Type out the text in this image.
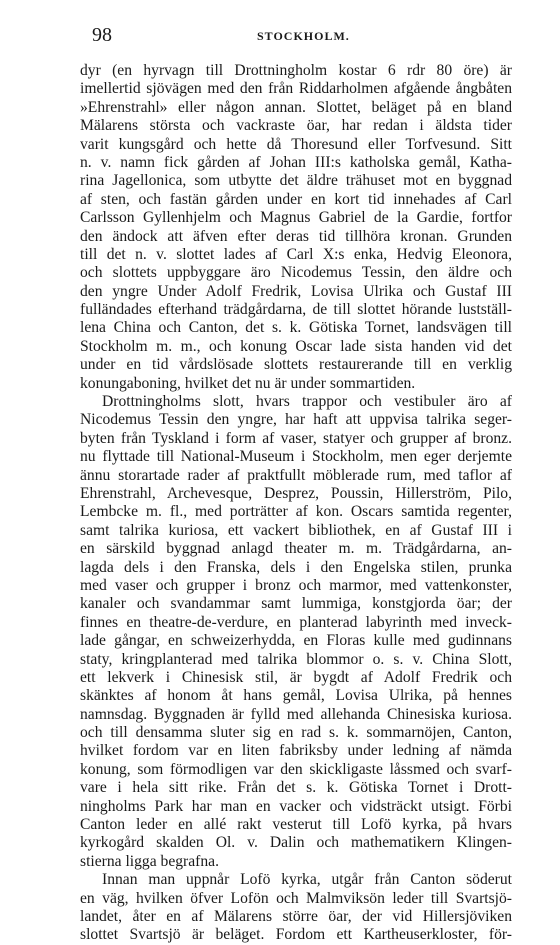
98	STOCKHOLM.
dyr (en hyrvagn till Drottningholm kostar 6 rdr 80 öre) är
imellertid sjövägen med den från Riddarholmen afgående ångbåten
»Ehrenstrahl» eller någon annan. Slottet, beläget på en bland
Mälarens största och vackraste öar, har redan i äldsta tider
varit kungsgård och hette då Thoresund eller Torfvesund. Sitt
n. v. namn fick gården af Johan III:s katholska gemål, Katha-
rina Jagellonica, som utbytte det äldre trähuset mot en byggnad
af sten, och fastän gården under en kort tid innehades af Carl
Carlsson Gyllenhjelm och Magnus Gabriel de la Gardie, fortfor
den ändock att äfven efter deras tid tillhöra kronan. Grunden
till det n. v. slottet lades af Carl X:s enka, Hedvig Eleonora,
och slottets uppbyggare äro Nicodemus Tessin, den äldre och
den yngre Under Adolf Fredrik, Lovisa Ulrika och Gustaf III
fulländades efterhand trädgårdarna, de till slottet hörande lustställ-
lena China och Canton, det s. k. Götiska Tornet, landsvägen till
Stockholm m. m., och konung Oscar lade sista handen vid det
under en tid vårdslösade slottets restaurerande till en verklig
konungaboning, hvilket det nu är under sommartiden.
Drottningholms slott, hvars trappor och vestibuler äro af
Nicodemus Tessin den yngre, har haft att uppvisa talrika seger-
byten från Tyskland i form af vaser, statyer och grupper af bronz.
nu flyttade till National-Museum i Stockholm, men eger derjemte
ännu storartade rader af praktfullt möblerade rum, med taflor af
Ehrenstrahl, Archevesque, Desprez, Poussin, Hillerström, Pilo,
Lembcke m. fl., med porträtter af kon. Oscars samtida regenter,
samt talrika kuriosa, ett vackert bibliothek, en af Gustaf III i
en särskild byggnad anlagd theater m. m. Trädgårdarna, an-
lagda dels i den Franska, dels i den Engelska stilen, prunka
med vaser och grupper i bronz och marmor, med vattenkonster,
kanaler och svandammar samt lummiga, konstgjorda öar; der
finnes en theatre-de-verdure, en planterad labyrinth med inveck-
lade gångar, en schweizerhydda, en Floras kulle med gudinnans
staty, kringplanterad med talrika blommor o. s. v. China Slott,
ett lekverk i Chinesisk stil, är bygdt af Adolf Fredrik och
skänktes af honom åt hans gemål, Lovisa Ulrika, på hennes
namnsdag. Byggnaden är fylld med allehanda Chinesiska kuriosa.
och till densamma sluter sig en rad s. k. sommarnöjen, Canton,
hvilket fordom var en liten fabriksby under ledning af nämda
konung, som förmodligen var den skickligaste låssmed och svarf-
vare i hela sitt rike. Från det s. k. Götiska Tornet i Drott-
ningholms Park har man en vacker och vidsträckt utsigt. Förbi
Canton leder en allé rakt vesterut till Lofö kyrka, på hvars
kyrkogård skalden Ol. v. Dalin och mathematikern Klingen-
stierna ligga begrafna.
Innan man uppnår Lofö kyrka, utgår från Canton söderut
en väg, hvilken öfver Lofön och Malmviksön leder till Svartsjö-
landet, åter en af Mälarens större öar, der vid Hillersjöviken
slottet Svartsjö är beläget. Fordom ett Kartheuserkloster, för-
